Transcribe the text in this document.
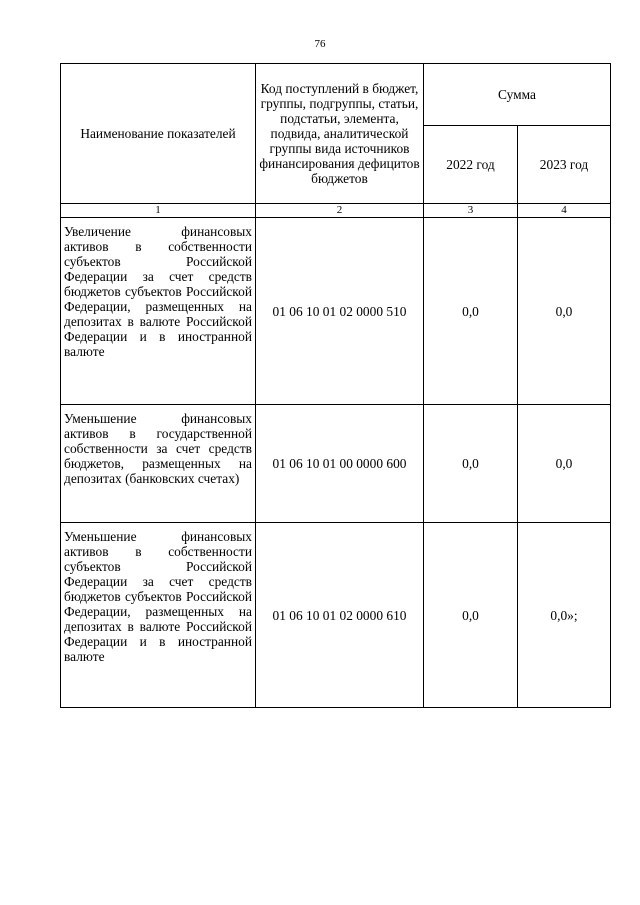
76
Наименование показателей	Код поступлений в бюджет, группы, подгруппы, статьи, подстатьи, элемента, подвида, аналитической группы вида источников финансирования дефицитов бюджетов	Сумма	
		2022 год	2023 год
1	2	3	4
Увеличение финансовых активов в собственности субъектов Российской Федерации за счет средств бюджетов субъектов Российской Федерации, размещенных на депозитах в валюте Российской Федерации и в иностранной валюте	01 06 10 01 02 0000 510	0,0	0,0
Уменьшение финансовых активов в государственной собственности за счет средств бюджетов, размещенных на депозитах (банковских счетах)	01 06 10 01 00 0000 600	0,0	0,0
Уменьшение финансовых активов в собственности субъектов Российской Федерации за счет средств бюджетов субъектов Российской Федерации, размещенных на депозитах в валюте Российской Федерации и в иностранной валюте	01 06 10 01 02 0000 610	0,0	0,0»;
